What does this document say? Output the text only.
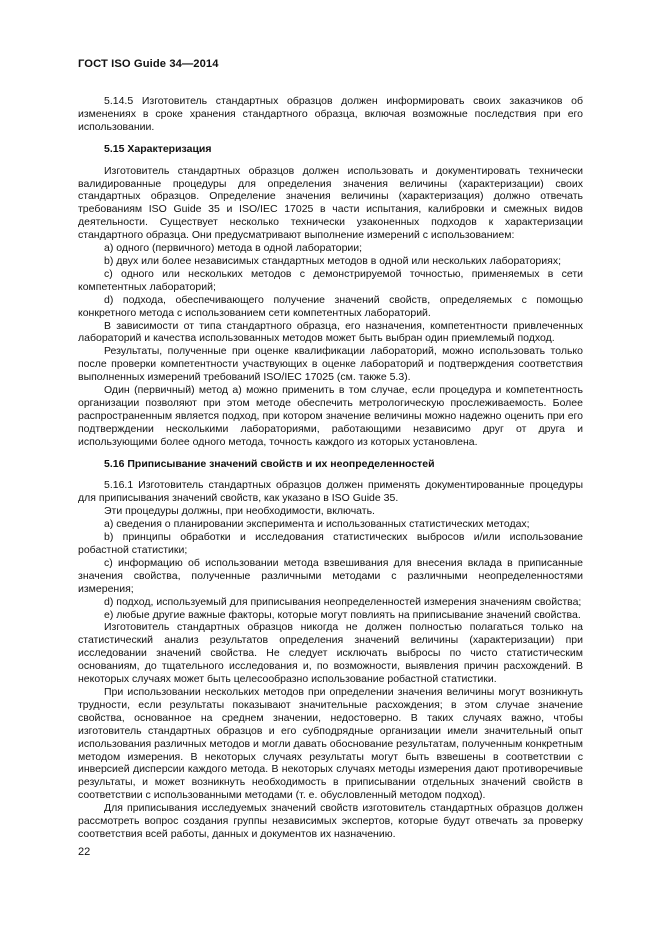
ГОСТ ISO Guide 34—2014
5.14.5 Изготовитель стандартных образцов должен информировать своих заказчиков об изменениях в сроке хранения стандартного образца, включая возможные последствия при его использовании.
5.15 Характеризация
Изготовитель стандартных образцов должен использовать и документировать технически валидированные процедуры для определения значения величины (характеризации) своих стандартных образцов. Определение значения величины (характеризация) должно отвечать требованиям ISO Guide 35 и ISO/IEC 17025 в части испытания, калибровки и смежных видов деятельности. Существует несколько технически узаконенных подходов к характеризации стандартного образца. Они предусматривают выполнение измерений с использованием:
а) одного (первичного) метода в одной лаборатории;
b) двух или более независимых стандартных методов в одной или нескольких лабораториях;
с) одного или нескольких методов с демонстрируемой точностью, применяемых в сети компетентных лабораторий;
d) подхода, обеспечивающего получение значений свойств, определяемых с помощью конкретного метода с использованием сети компетентных лабораторий.
В зависимости от типа стандартного образца, его назначения, компетентности привлеченных лабораторий и качества использованных методов может быть выбран один приемлемый подход.
Результаты, полученные при оценке квалификации лабораторий, можно использовать только после проверки компетентности участвующих в оценке лабораторий и подтверждения соответствия выполненных измерений требований ISO/IEC 17025 (см. также 5.3).
Один (первичный) метод а) можно применить в том случае, если процедура и компетентность организации позволяют при этом методе обеспечить метрологическую прослеживаемость. Более распространенным является подход, при котором значение величины можно надежно оценить при его подтверждении несколькими лабораториями, работающими независимо друг от друга и использующими более одного метода, точность каждого из которых установлена.
5.16 Приписывание значений свойств и их неопределенностей
5.16.1 Изготовитель стандартных образцов должен применять документированные процедуры для приписывания значений свойств, как указано в ISO Guide 35.
Эти процедуры должны, при необходимости, включать.
а) сведения о планировании эксперимента и использованных статистических методах;
b) принципы обработки и исследования статистических выбросов и/или использование робастной статистики;
с) информацию об использовании метода взвешивания для внесения вклада в приписанные значения свойства, полученные различными методами с различными неопределенностями измерения;
d) подход, используемый для приписывания неопределенностей измерения значениям свойства;
е) любые другие важные факторы, которые могут повлиять на приписывание значений свойства.
Изготовитель стандартных образцов никогда не должен полностью полагаться только на статистический анализ результатов определения значений величины (характеризации) при исследовании значений свойства. Не следует исключать выбросы по чисто статистическим основаниям, до тщательного исследования и, по возможности, выявления причин расхождений. В некоторых случаях может быть целесообразно использование робастной статистики.
При использовании нескольких методов при определении значения величины могут возникнуть трудности, если результаты показывают значительные расхождения; в этом случае значение свойства, основанное на среднем значении, недостоверно. В таких случаях важно, чтобы изготовитель стандартных образцов и его субподрядные организации имели значительный опыт использования различных методов и могли давать обоснование результатам, полученным конкретным методом измерения. В некоторых случаях результаты могут быть взвешены в соответствии с инверсией дисперсии каждого метода. В некоторых случаях методы измерения дают противоречивые результаты, и может возникнуть необходимость в приписывании отдельных значений свойств в соответствии с использованными методами (т. е. обусловленный методом подход).
Для приписывания исследуемых значений свойств изготовитель стандартных образцов должен рассмотреть вопрос создания группы независимых экспертов, которые будут отвечать за проверку соответствия всей работы, данных и документов их назначению.
22
